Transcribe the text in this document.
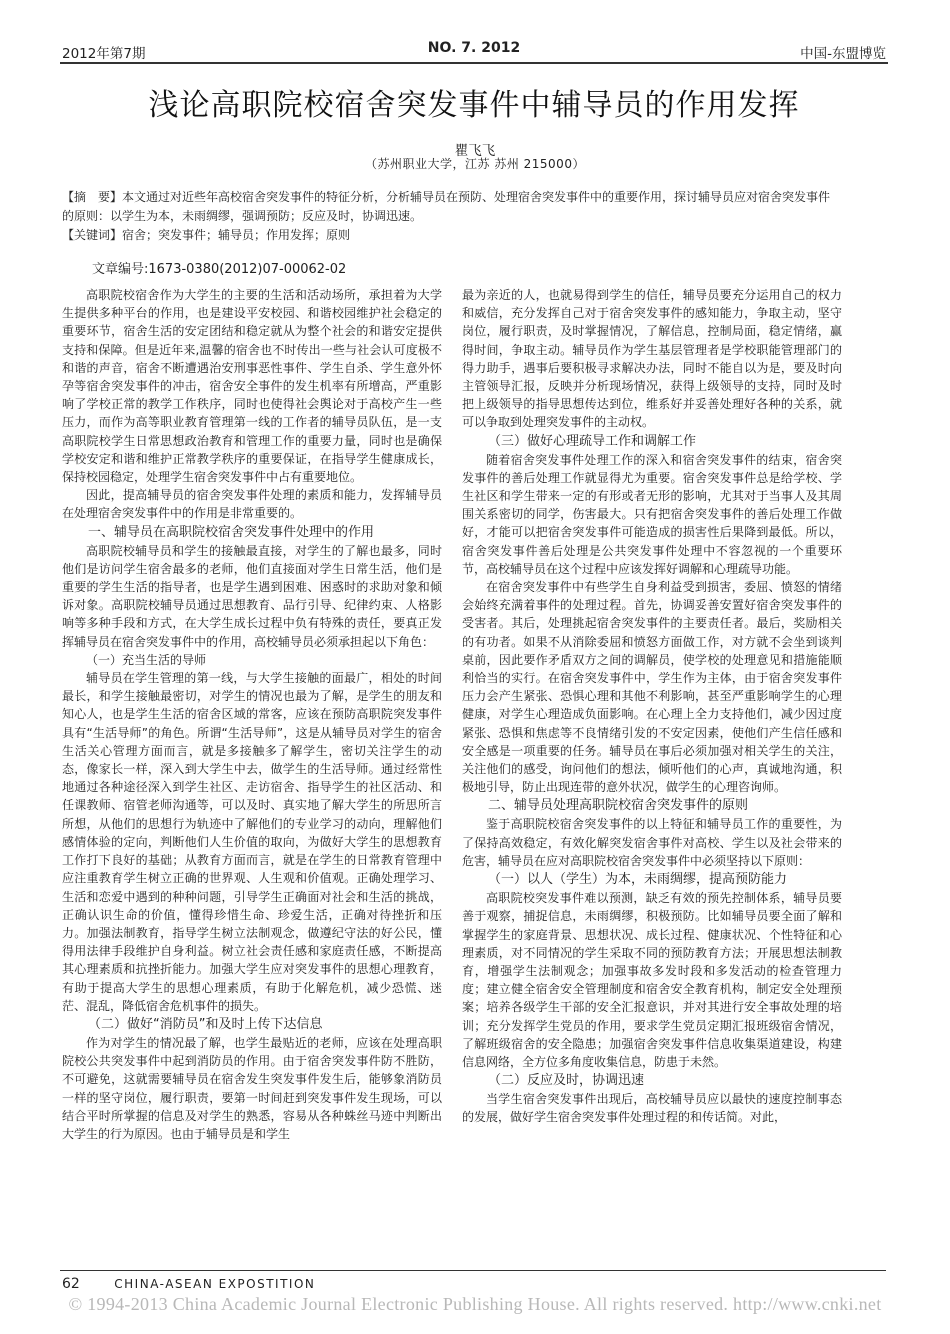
2012年第7期	NO. 7. 2012	中国-东盟博览
浅论高职院校宿舍突发事件中辅导员的作用发挥
瞿飞飞
（苏州职业大学，江苏 苏州 215000）

【摘　要】本文通过对近些年高校宿舍突发事件的特征分析，分析辅导员在预防、处理宿舍突发事件中的重要作用，探讨辅导员应对宿舍突发事件的原则：以学生为本，未雨绸缪，强调预防；反应及时，协调迅速。

【关键词】宿舍；突发事件；辅导员；作用发挥；原则

文章编号:1673-0380(2012)07-00062-02

高职院校宿舍作为大学生的主要的生活和活动场所，承担着为大学生提供多种平台的作用，也是建设平安校园、和谐校园维护社会稳定的重要环节，宿舍生活的安定团结和稳定就从为整个社会的和谐安定提供支持和保障。但是近年来,温馨的宿舍也不时传出一些与社会认可度极不和谐的声音，宿舍不断遭遇治安刑事恶性事件、学生自杀、学生意外怀孕等宿舍突发事件的冲击，宿舍安全事件的发生机率有所增高，严重影响了学校正常的教学工作秩序，同时也使得社会舆论对于高校产生一些压力，而作为高等职业教育管理第一线的工作者的辅导员队伍，是一支高职院校学生日常思想政治教育和管理工作的重要力量，同时也是确保学校安定和谐和维护正常教学秩序的重要保证，在指导学生健康成长，保持校园稳定，处理学生宿舍突发事件中占有重要地位。

因此，提高辅导员的宿舍突发事件处理的素质和能力，发挥辅导员在处理宿舍突发事件中的作用是非常重要的。

一、辅导员在高职院校宿舍突发事件处理中的作用

高职院校辅导员和学生的接触最直接，对学生的了解也最多，同时他们是访问学生宿舍最多的老师，他们直接面对学生日常生活，他们是重要的学生生活的指导者，也是学生遇到困难、困惑时的求助对象和倾诉对象。高职院校辅导员通过思想教育、品行引导、纪律约束、人格影响等多种手段和方式，在大学生成长过程中负有特殊的责任，要真正发挥辅导员在宿舍突发事件中的作用，高校辅导员必须承担起以下角色：

（一）充当生活的导师

辅导员在学生管理的第一线，与大学生接触的面最广，相处的时间最长，和学生接触最密切，对学生的情况也最为了解，是学生的朋友和知心人，也是学生生活的宿舍区域的常客，应该在预防高职院突发事件具有“生活导师”的角色。所谓“生活导师”，这是从辅导员对学生的宿舍生活关心管理方面而言，就是多接触多了解学生，密切关注学生的动态，像家长一样，深入到大学生中去，做学生的生活导师。通过经常性地通过各种途径深入到学生社区、走访宿舍、指导学生的社区活动、和任课教师、宿管老师沟通等，可以及时、真实地了解大学生的所思所言所想，从他们的思想行为轨迹中了解他们的专业学习的动向，理解他们感情体验的定向，判断他们人生价值的取向，为做好大学生的思想教育工作打下良好的基础；从教育方面而言，就是在学生的日常教育管理中应注重教育学生树立正确的世界观、人生观和价值观。正确处理学习、生活和恋爱中遇到的种种问题，引导学生正确面对社会和生活的挑战，正确认识生命的价值，懂得珍惜生命、珍爱生活，正确对待挫折和压力。加强法制教育，指导学生树立法制观念，做遵纪守法的好公民，懂得用法律手段维护自身利益。树立社会责任感和家庭责任感，不断提高其心理素质和抗挫折能力。加强大学生应对突发事件的思想心理教育，有助于提高大学生的思想心理素质，有助于化解危机，减少恐慌、迷茫、混乱，降低宿舍危机事件的损失。

（二）做好“消防员”和及时上传下达信息

作为对学生的情况最了解，也学生最贴近的老师，应该在处理高职院校公共突发事件中起到消防员的作用。由于宿舍突发事件防不胜防，不可避免，这就需要辅导员在宿舍发生突发事件发生后，能够象消防员一样的坚守岗位，履行职责，要第一时间赶到突发事件发生现场，可以结合平时所掌握的信息及对学生的熟悉，容易从各种蛛丝马迹中判断出大学生的行为原因。也由于辅导员是和学生

最为亲近的人，也就易得到学生的信任，辅导员要充分运用自己的权力和威信，充分发挥自己对于宿舍突发事件的感知能力，争取主动，坚守岗位，履行职责，及时掌握情况，了解信息，控制局面，稳定情绪，赢得时间，争取主动。辅导员作为学生基层管理者是学校职能管理部门的得力助手，遇事后要积极寻求解决办法，同时不能自以为是，要及时向主管领导汇报，反映并分析现场情况，获得上级领导的支持，同时及时把上级领导的指导思想传达到位，维系好并妥善处理好各种的关系，就可以争取到处理突发事件的主动权。

（三）做好心理疏导工作和调解工作

随着宿舍突发事件处理工作的深入和宿舍突发事件的结束，宿舍突发事件的善后处理工作就显得尤为重要。宿舍突发事件总是给学校、学生社区和学生带来一定的有形或者无形的影响，尤其对于当事人及其周围关系密切的同学，伤害最大。只有把宿舍突发事件的善后处理工作做好，才能可以把宿舍突发事件可能造成的损害性后果降到最低。所以，宿舍突发事件善后处理是公共突发事件处理中不容忽视的一个重要环节，高校辅导员在这个过程中应该发挥好调解和心理疏导功能。

在宿舍突发事件中有些学生自身利益受到损害，委屈、愤怒的情绪会始终充满着事件的处理过程。首先，协调妥善安置好宿舍突发事件的受害者。其后，处理挑起宿舍突发事件的主要责任者。最后，奖励相关的有功者。如果不从消除委屈和愤怒方面做工作，对方就不会坐到谈判桌前，因此要作矛盾双方之间的调解员，使学校的处理意见和措施能顺利恰当的实行。在宿舍突发事件中，学生作为主体，由于宿舍突发事件压力会产生紧张、恐惧心理和其他不利影响，甚至严重影响学生的心理健康，对学生心理造成负面影响。在心理上全力支持他们，减少因过度紧张、恐惧和焦虑等不良情绪引发的不安定因素，使他们产生信任感和安全感是一项重要的任务。辅导员在事后必须加强对相关学生的关注，关注他们的感受，询问他们的想法，倾听他们的心声，真诚地沟通，积极地引导，防止出现连带的意外状况，做学生的心理咨询师。

二、辅导员处理高职院校宿舍突发事件的原则

鉴于高职院校宿舍突发事件的以上特征和辅导员工作的重要性，为了保持高效稳定，有效化解突发宿舍事件对高校、学生以及社会带来的危害，辅导员在应对高职院校宿舍突发事件中必须坚持以下原则：

（一）以人（学生）为本，未雨绸缪，提高预防能力

高职院校突发事件难以预测，缺乏有效的预先控制体系，辅导员要善于观察，捕捉信息，未雨绸缪，积极预防。比如辅导员要全面了解和掌握学生的家庭背景、思想状况、成长过程、健康状况、个性特征和心理素质，对不同情况的学生采取不同的预防教育方法；开展思想法制教育，增强学生法制观念；加强事故多发时段和多发活动的检查管理力度；建立健全宿舍安全管理制度和宿舍安全教育机构，制定安全处理预案；培养各级学生干部的安全汇报意识，并对其进行安全事故处理的培训；充分发挥学生党员的作用，要求学生党员定期汇报班级宿舍情况，了解班级宿舍的安全隐患；加强宿舍突发事件信息收集渠道建设，构建信息网络，全方位多角度收集信息，防患于未然。

（二）反应及时，协调迅速

当学生宿舍突发事件出现后，高校辅导员应以最快的速度控制事态的发展，做好学生宿舍突发事件处理过程的和传话简。对此，

62	CHINA-ASEAN EXPOSTITION
© 1994-2013 China Academic Journal Electronic Publishing House. All rights reserved. http://www.cnki.net
